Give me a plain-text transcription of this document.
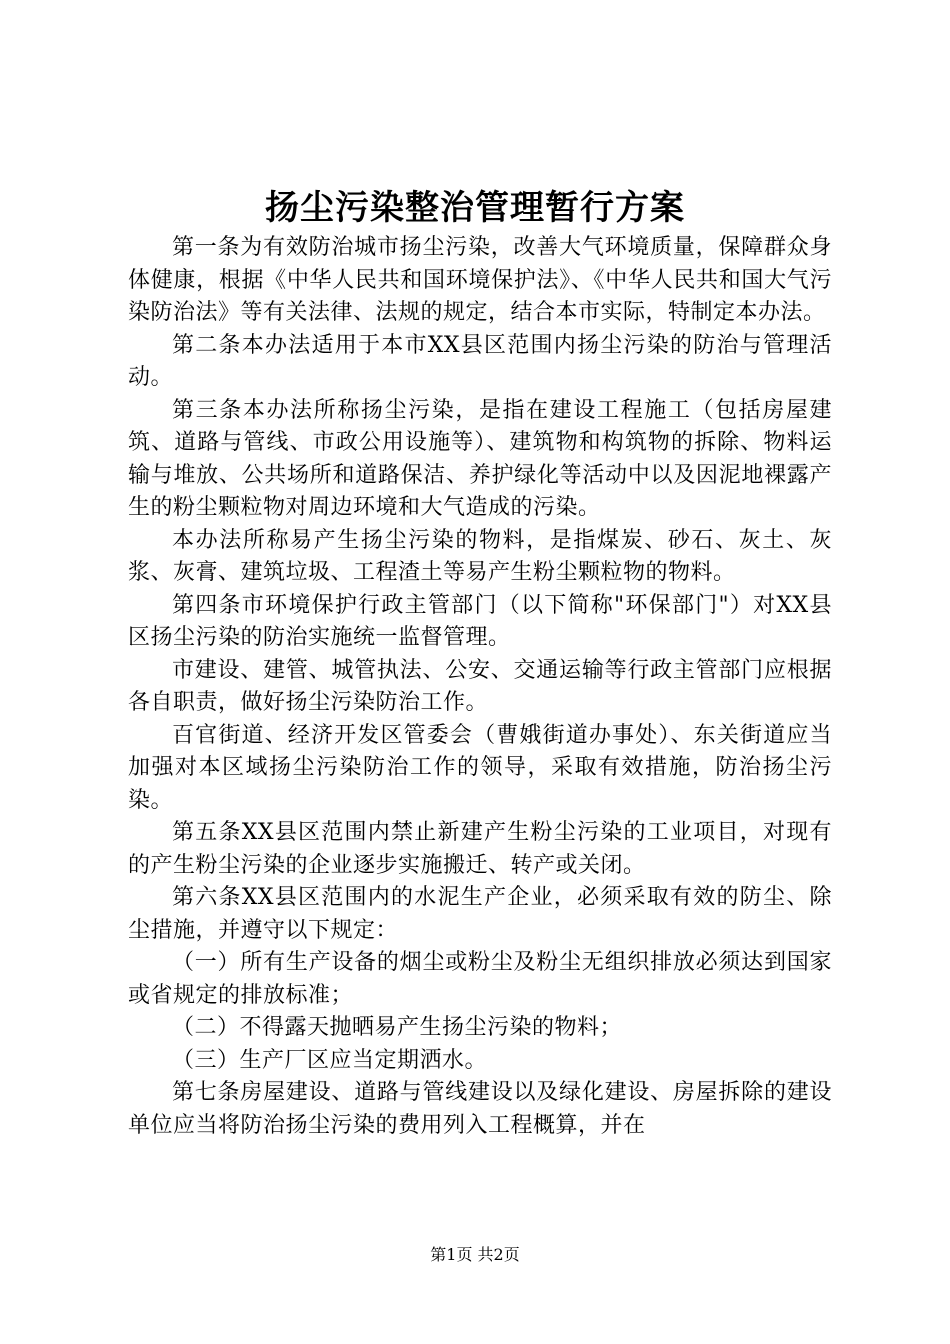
扬尘污染整治管理暂行方案

第一条为有效防治城市扬尘污染，改善大气环境质量，保障群众身体健康，根据《中华人民共和国环境保护法》、《中华人民共和国大气污染防治法》等有关法律、法规的规定，结合本市实际，特制定本办法。

第二条本办法适用于本市XX县区范围内扬尘污染的防治与管理活动。

第三条本办法所称扬尘污染，是指在建设工程施工（包括房屋建筑、道路与管线、市政公用设施等）、建筑物和构筑物的拆除、物料运输与堆放、公共场所和道路保洁、养护绿化等活动中以及因泥地裸露产生的粉尘颗粒物对周边环境和大气造成的污染。

本办法所称易产生扬尘污染的物料，是指煤炭、砂石、灰土、灰浆、灰膏、建筑垃圾、工程渣土等易产生粉尘颗粒物的物料。

第四条市环境保护行政主管部门（以下简称"环保部门"）对XX县区扬尘污染的防治实施统一监督管理。

市建设、建管、城管执法、公安、交通运输等行政主管部门应根据各自职责，做好扬尘污染防治工作。

百官街道、经济开发区管委会（曹娥街道办事处）、东关街道应当加强对本区域扬尘污染防治工作的领导，采取有效措施，防治扬尘污染。

第五条XX县区范围内禁止新建产生粉尘污染的工业项目，对现有的产生粉尘污染的企业逐步实施搬迁、转产或关闭。

第六条XX县区范围内的水泥生产企业，必须采取有效的防尘、除尘措施，并遵守以下规定：

（一）所有生产设备的烟尘或粉尘及粉尘无组织排放必须达到国家或省规定的排放标准；

（二）不得露天抛晒易产生扬尘污染的物料；

（三）生产厂区应当定期洒水。

第七条房屋建设、道路与管线建设以及绿化建设、房屋拆除的建设单位应当将防治扬尘污染的费用列入工程概算，并在

第1页 共2页
